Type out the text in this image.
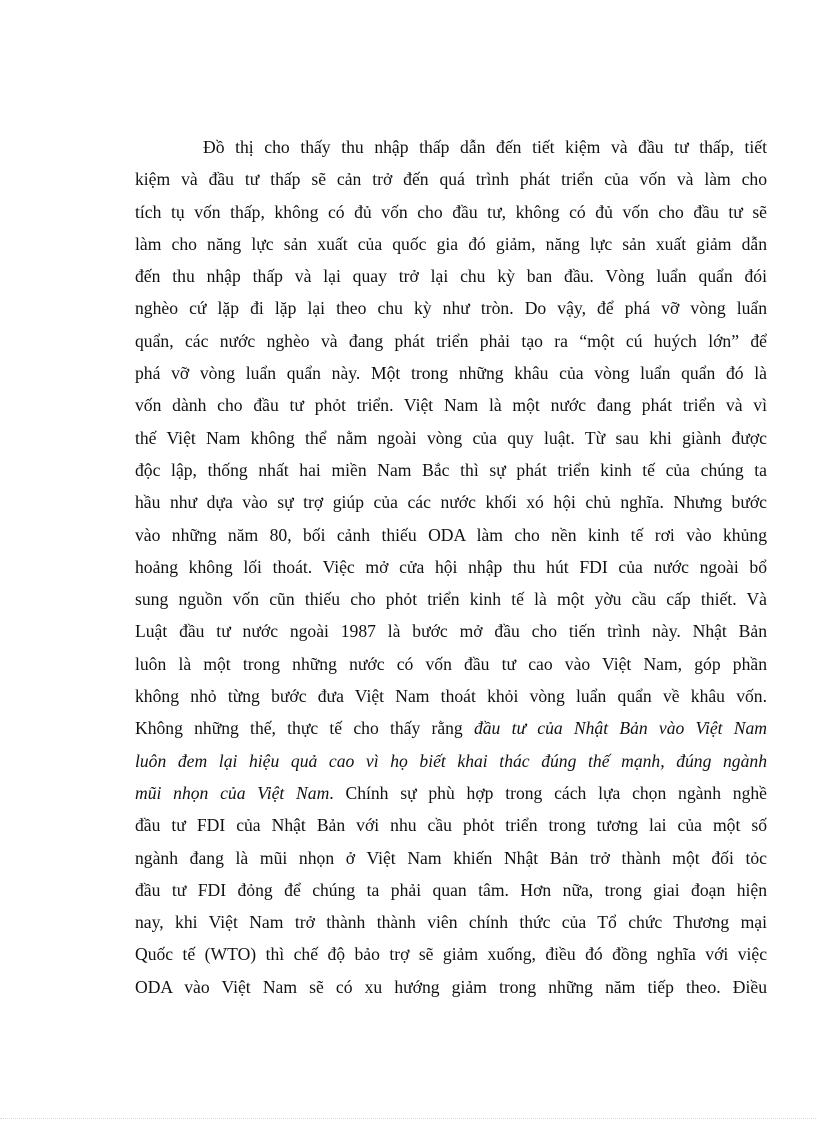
Đồ thị cho thấy thu nhập thấp dẫn đến tiết kiệm và đầu tư thấp, tiết
kiệm và đầu tư thấp sẽ cản trở đến quá trình phát triển của vốn và làm cho
tích tụ vốn thấp, không có đủ vốn cho đầu tư, không có đủ vốn cho đầu tư sẽ
làm cho năng lực sản xuất của quốc gia đó giảm, năng lực sản xuất giảm dẫn
đến thu nhập thấp và lại quay trở lại chu kỳ ban đầu. Vòng luẩn quẩn đói
nghèo cứ lặp đi lặp lại theo chu kỳ như tròn. Do vậy, để phá vỡ vòng luẩn
quẩn, các nước nghèo và đang phát triển phải tạo ra “một cú huých lớn” để
phá vỡ vòng luẩn quẩn này. Một trong những khâu của vòng luẩn quẩn đó là
vốn dành cho đầu tư phỏt triển. Việt Nam là một nước đang phát triển và vì
thế Việt Nam không thể nằm ngoài vòng của quy luật. Từ sau khi giành được
độc lập, thống nhất hai miền Nam Bắc thì sự phát triển kinh tế của chúng ta
hầu như dựa vào sự trợ giúp của các nước khối xó hội chủ nghĩa. Nhưng bước
vào những năm 80, bối cảnh thiếu ODA làm cho nền kinh tế rơi vào khủng
hoảng không lối thoát. Việc mở cửa hội nhập thu hút FDI của nước ngoài bổ
sung nguồn vốn cũn thiếu cho phỏt triển kinh tế là một yờu cầu cấp thiết. Và
Luật đầu tư nước ngoài 1987 là bước mở đầu cho tiến trình này. Nhật Bản
luôn là một trong những nước có vốn đầu tư cao vào Việt Nam, góp phần
không nhỏ từng bước đưa Việt Nam thoát khỏi vòng luẩn quẩn về khâu vốn.
Không những thế, thực tế cho thấy rằng đầu tư của Nhật Bản vào Việt Nam
luôn đem lại hiệu quả cao vì họ biết khai thác đúng thế mạnh, đúng ngành
mũi nhọn của Việt Nam. Chính sự phù hợp trong cách lựa chọn ngành nghề
đầu tư FDI của Nhật Bản với nhu cầu phỏt triển trong tương lai của một số
ngành đang là mũi nhọn ở Việt Nam khiến Nhật Bản trở thành một đối tỏc
đầu tư FDI đỏng để chúng ta phải quan tâm. Hơn nữa, trong giai đoạn hiện
nay, khi Việt Nam trở thành thành viên chính thức của Tổ chức Thương mại
Quốc tế (WTO) thì chế độ bảo trợ sẽ giảm xuống, điều đó đồng nghĩa với việc
ODA vào Việt Nam sẽ có xu hướng giảm trong những năm tiếp theo. Điều
